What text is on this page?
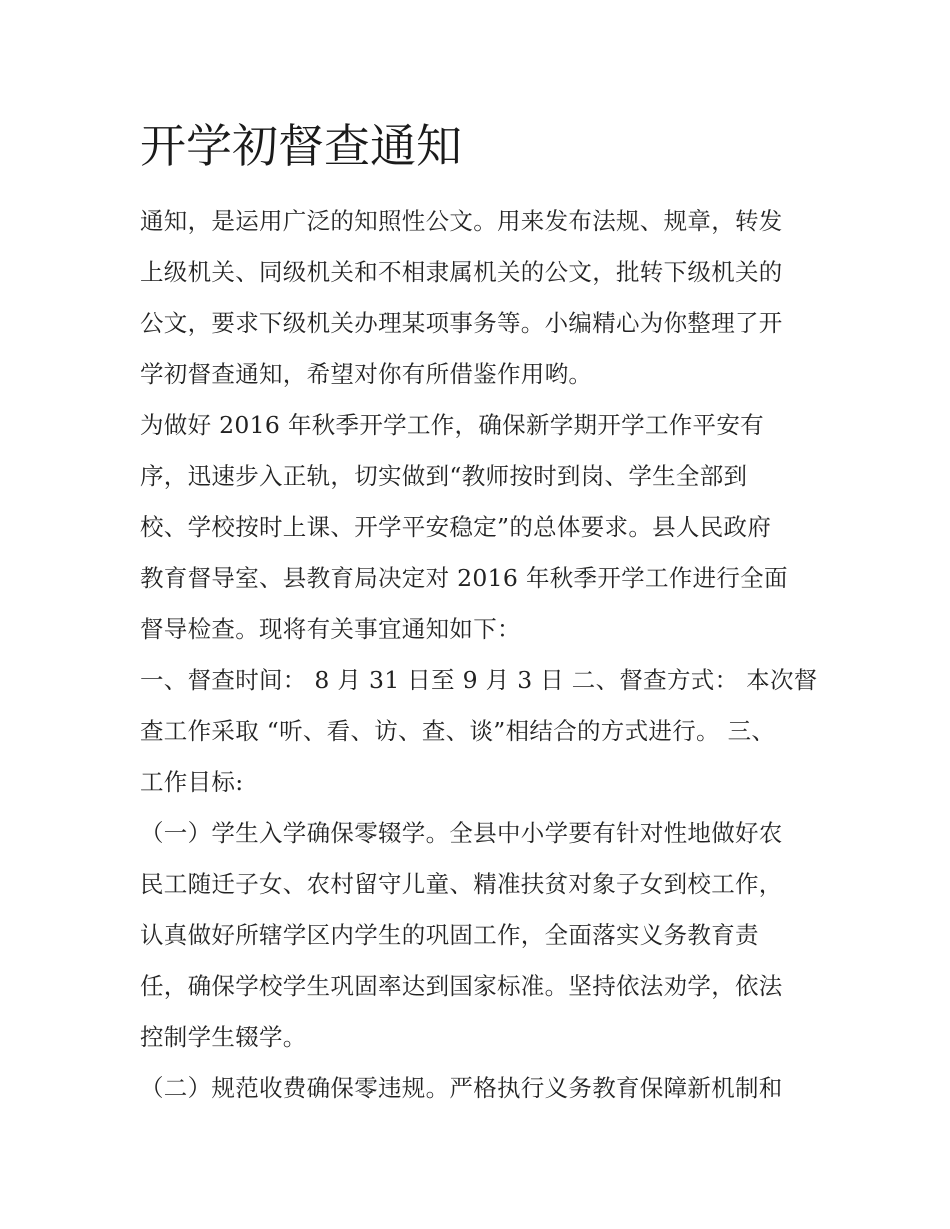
开学初督查通知
通知，是运用广泛的知照性公文。用来发布法规、规章，转发
上级机关、同级机关和不相隶属机关的公文，批转下级机关的
公文，要求下级机关办理某项事务等。小编精心为你整理了开
学初督查通知，希望对你有所借鉴作用哟。
为做好 2016 年秋季开学工作，确保新学期开学工作平安有
序，迅速步入正轨，切实做到“教师按时到岗、学生全部到
校、学校按时上课、开学平安稳定”的总体要求。县人民政府
教育督导室、县教育局决定对 2016 年秋季开学工作进行全面
督导检查。现将有关事宜通知如下：
一、督查时间： 8 月 31 日至 9 月 3 日 二、督查方式： 本次督
查工作采取 “听、看、访、查、谈”相结合的方式进行。 三、
工作目标:
（一）学生入学确保零辍学。全县中小学要有针对性地做好农
民工随迁子女、农村留守儿童、精准扶贫对象子女到校工作，
认真做好所辖学区内学生的巩固工作，全面落实义务教育责
任，确保学校学生巩固率达到国家标准。坚持依法劝学，依法
控制学生辍学。
（二）规范收费确保零违规。严格执行义务教育保障新机制和
